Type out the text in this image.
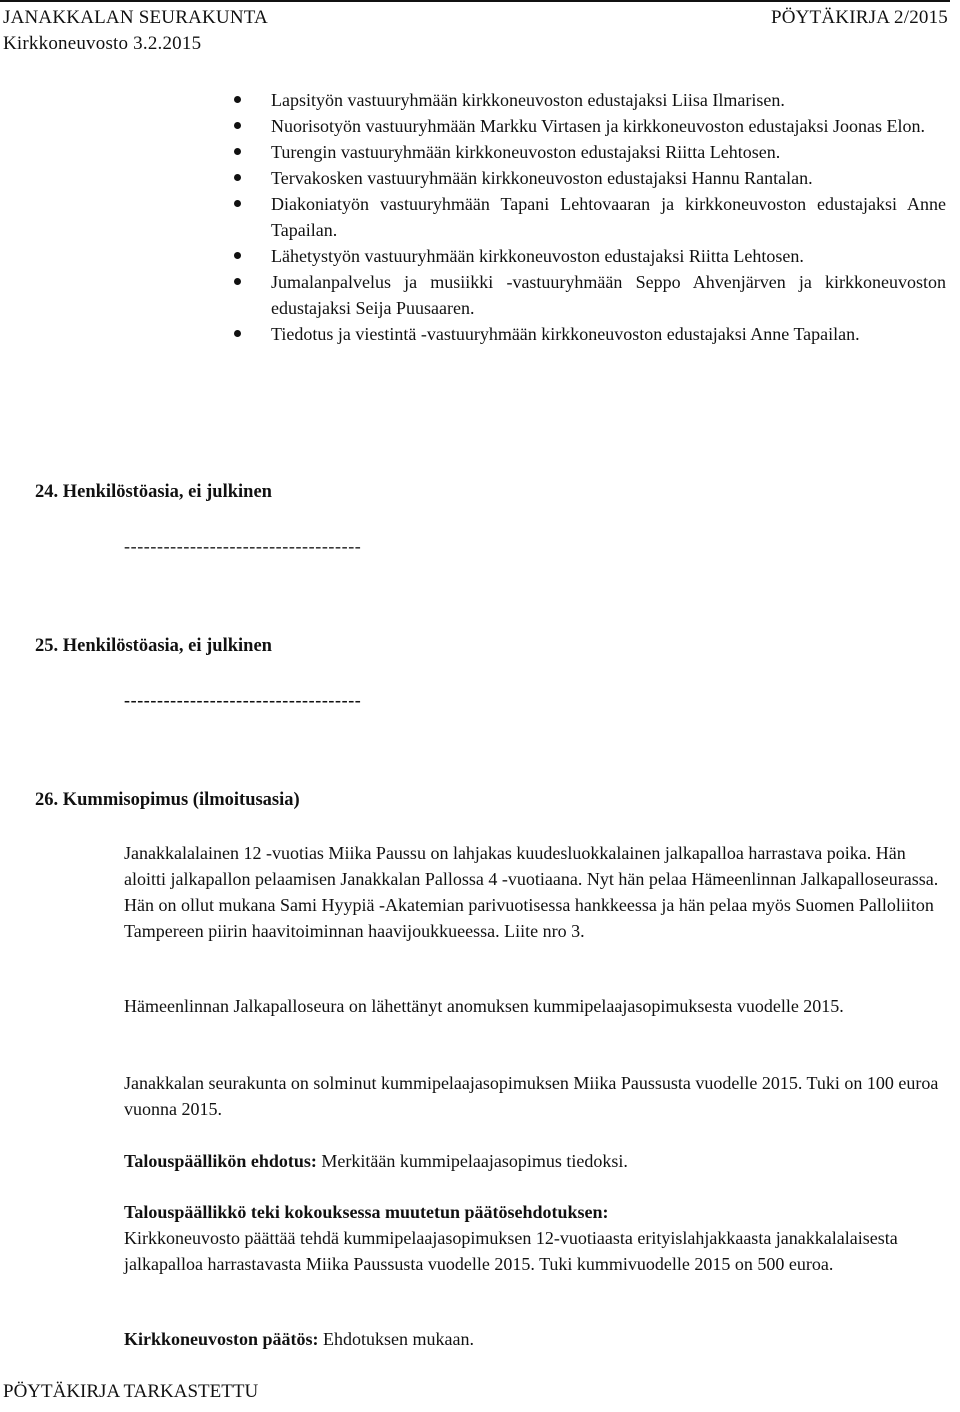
JANAKKALAN SEURAKUNTA	PÖYTÄKIRJA 2/2015
Kirkkoneuvosto 3.2.2015
Lapsityön vastuuryhmään kirkkoneuvoston edustajaksi Liisa Ilmarisen.
Nuorisotyön vastuuryhmään Markku Virtasen ja kirkkoneuvoston edustajaksi Joonas Elon.
Turengin vastuuryhmään kirkkoneuvoston edustajaksi Riitta Lehtosen.
Tervakosken vastuuryhmään kirkkoneuvoston edustajaksi Hannu Rantalan.
Diakoniatyön vastuuryhmään Tapani Lehtovaaran ja kirkkoneuvoston edustajaksi Anne Tapailan.
Lähetystyön vastuuryhmään kirkkoneuvoston edustajaksi Riitta Lehtosen.
Jumalanpalvelus ja musiikki -vastuuryhmään Seppo Ahvenjärven ja kirkkoneuvoston edustajaksi Seija Puusaaren.
Tiedotus ja viestintä -vastuuryhmään kirkkoneuvoston edustajaksi Anne Tapailan.
24. Henkilöstöasia, ei julkinen
------------------------------------
25. Henkilöstöasia, ei julkinen
------------------------------------
26. Kummisopimus (ilmoitusasia)

Janakkalalainen 12 -vuotias Miika Paussu on lahjakas kuudesluokkalainen jalkapalloa harrastava poika. Hän aloitti jalkapallon pelaamisen Janakkalan Pallossa 4 -vuotiaana. Nyt hän pelaa Hämeenlinnan Jalkapalloseurassa. Hän on ollut mukana Sami Hyypiä -Akatemian parivuotisessa hankkeessa ja hän pelaa myös Suomen Palloliiton Tampereen piirin haavitoiminnan haavijoukkueessa. Liite nro 3.

Hämeenlinnan Jalkapalloseura on lähettänyt anomuksen kummipelaajasopimuksesta vuodelle 2015.

Janakkalan seurakunta on solminut kummipelaajasopimuksen Miika Paussusta vuodelle 2015. Tuki on 100 euroa vuonna 2015.

Talouspäällikön ehdotus: Merkitään kummipelaajasopimus tiedoksi.

Talouspäällikkö teki kokouksessa muutetun päätösehdotuksen:

Kirkkoneuvosto päättää tehdä kummipelaajasopimuksen 12-vuotiaasta erityislahjakkaasta janakkalalaisesta jalkapalloa harrastavasta Miika Paussusta vuodelle 2015. Tuki kummivuodelle 2015 on 500 euroa.

Kirkkoneuvoston päätös: Ehdotuksen mukaan.

PÖYTÄKIRJA TARKASTETTU
